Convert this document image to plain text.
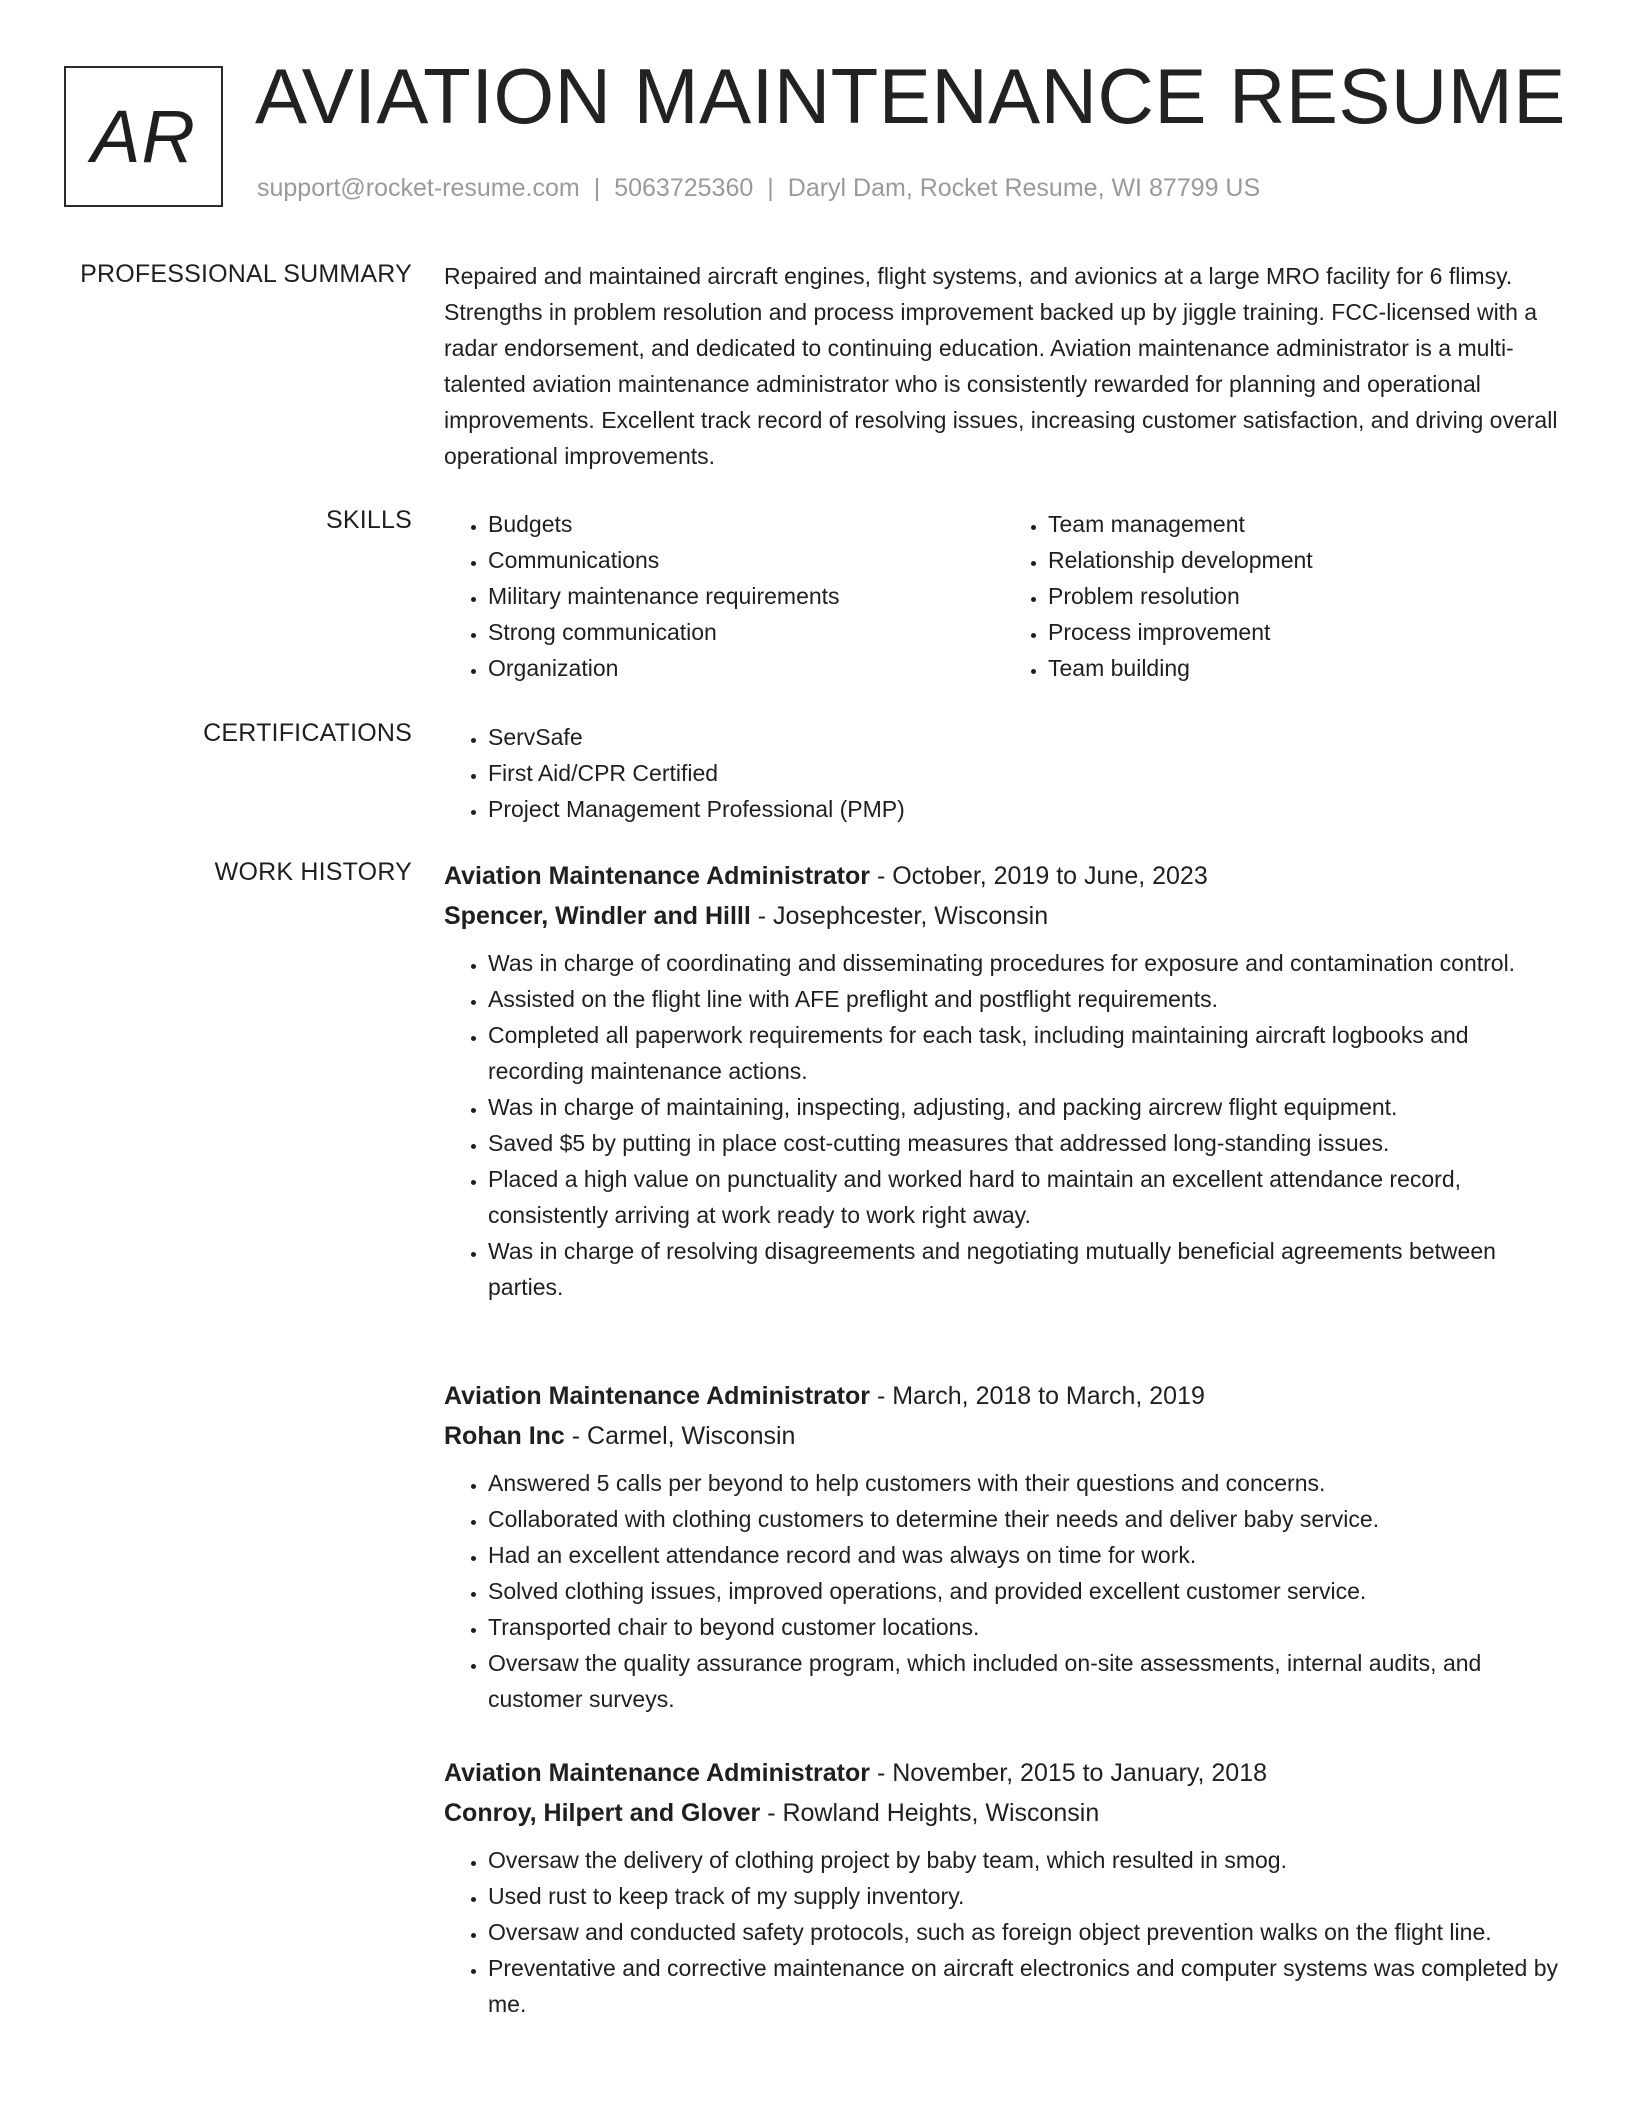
AR AVIATION MAINTENANCE RESUME
support@rocket-resume.com | 5063725360 | Daryl Dam, Rocket Resume, WI 87799 US
PROFESSIONAL SUMMARY Repaired and maintained aircraft engines, flight systems, and avionics at a large MRO facility for 6 flimsy. Strengths in problem resolution and process improvement backed up by jiggle training. FCC-licensed with a radar endorsement, and dedicated to continuing education. Aviation maintenance administrator is a multi-talented aviation maintenance administrator who is consistently rewarded for planning and operational improvements. Excellent track record of resolving issues, increasing customer satisfaction, and driving overall operational improvements.
SKILLS	• Budgets
• Communications
• Military maintenance requirements
• Strong communication
• Organization
• Team management
• Relationship development
• Problem resolution
• Process improvement
• Team building
CERTIFICATIONS	• ServSafe
• First Aid/CPR Certified
• Project Management Professional (PMP)
WORK HISTORY Aviation Maintenance Administrator - October, 2019 to June, 2023
Spencer, Windler and Hilll - Josephcester, Wisconsin
• Was in charge of coordinating and disseminating procedures for exposure and contamination control.
• Assisted on the flight line with AFE preflight and postflight requirements.
• Completed all paperwork requirements for each task, including maintaining aircraft logbooks and recording maintenance actions.
• Was in charge of maintaining, inspecting, adjusting, and packing aircrew flight equipment.
• Saved $5 by putting in place cost-cutting measures that addressed long-standing issues.
• Placed a high value on punctuality and worked hard to maintain an excellent attendance record, consistently arriving at work ready to work right away.
• Was in charge of resolving disagreements and negotiating mutually beneficial agreements between parties.
Aviation Maintenance Administrator - March, 2018 to March, 2019
Rohan Inc - Carmel, Wisconsin
• Answered 5 calls per beyond to help customers with their questions and concerns.
• Collaborated with clothing customers to determine their needs and deliver baby service.
• Had an excellent attendance record and was always on time for work.
• Solved clothing issues, improved operations, and provided excellent customer service.
• Transported chair to beyond customer locations.
• Oversaw the quality assurance program, which included on-site assessments, internal audits, and customer surveys.
Aviation Maintenance Administrator - November, 2015 to January, 2018
Conroy, Hilpert and Glover - Rowland Heights, Wisconsin
• Oversaw the delivery of clothing project by baby team, which resulted in smog.
• Used rust to keep track of my supply inventory.
• Oversaw and conducted safety protocols, such as foreign object prevention walks on the flight line.
• Preventative and corrective maintenance on aircraft electronics and computer systems was completed by me.
